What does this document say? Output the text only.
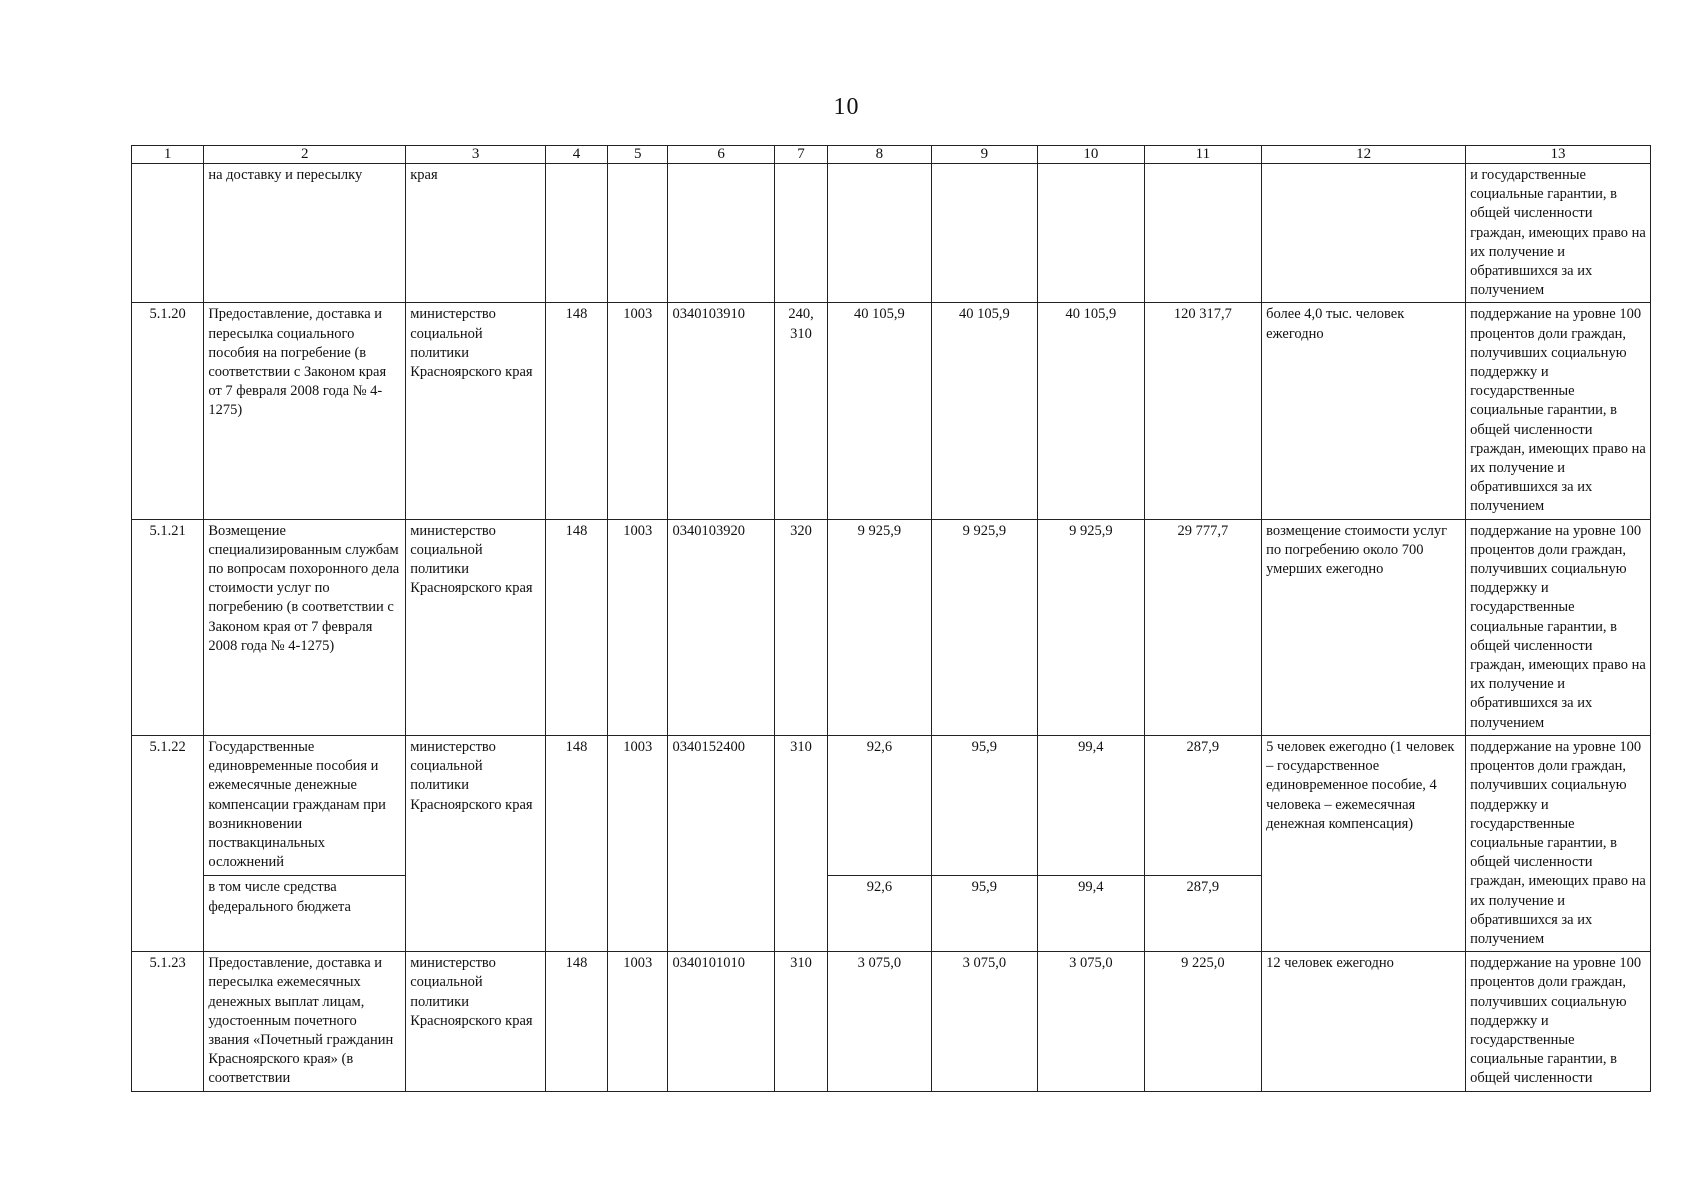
10
1	2	3	4	5	6	7	8	9	10	11	12	13
	на доставку и пересылку	края										и государственные социальные гарантии, в общей численности граждан, имеющих право на их получение и обратившихся за их получением
5.1.20	Предоставление, доставка и пересылка социального пособия на погребение (в соответствии с Законом края от 7 февраля 2008 года № 4-1275)	министерство социальной политики Красноярского края	148	1003	0340103910	240, 310	40 105,9	40 105,9	40 105,9	120 317,7	более 4,0 тыс. человек ежегодно	поддержание на уровне 100 процентов доли граждан, получивших социальную поддержку и государственные социальные гарантии, в общей численности граждан, имеющих право на их получение и обратившихся за их получением
5.1.21	Возмещение специализированным службам по вопросам похоронного дела стоимости услуг по погребению (в соответствии с Законом края от 7 февраля 2008 года № 4-1275)	министерство социальной политики Красноярского края	148	1003	0340103920	320	9 925,9	9 925,9	9 925,9	29 777,7	возмещение стоимости услуг по погребению около 700 умерших ежегодно	поддержание на уровне 100 процентов доли граждан, получивших социальную поддержку и государственные социальные гарантии, в общей численности граждан, имеющих право на их получение и обратившихся за их получением
5.1.22	Государственные единовременные пособия и ежемесячные денежные компенсации гражданам при возникновении поствакцинальных осложнений	министерство социальной политики Красноярского края	148	1003	0340152400	310	92,6	95,9	99,4	287,9	5 человек ежегодно (1 человек – государственное единовременное пособие, 4 человека – ежемесячная денежная компенсация)	поддержание на уровне 100 процентов доли граждан, получивших социальную поддержку и государственные социальные гарантии, в общей численности граждан, имеющих право на их получение и обратившихся за их получением
	в том числе средства федерального бюджета						92,6	95,9	99,4	287,9		
5.1.23	Предоставление, доставка и пересылка ежемесячных денежных выплат лицам, удостоенным почетного звания «Почетный гражданин Красноярского края» (в соответствии	министерство социальной политики Красноярского края	148	1003	0340101010	310	3 075,0	3 075,0	3 075,0	9 225,0	12 человек ежегодно	поддержание на уровне 100 процентов доли граждан, получивших социальную поддержку и государственные социальные гарантии, в общей численности
